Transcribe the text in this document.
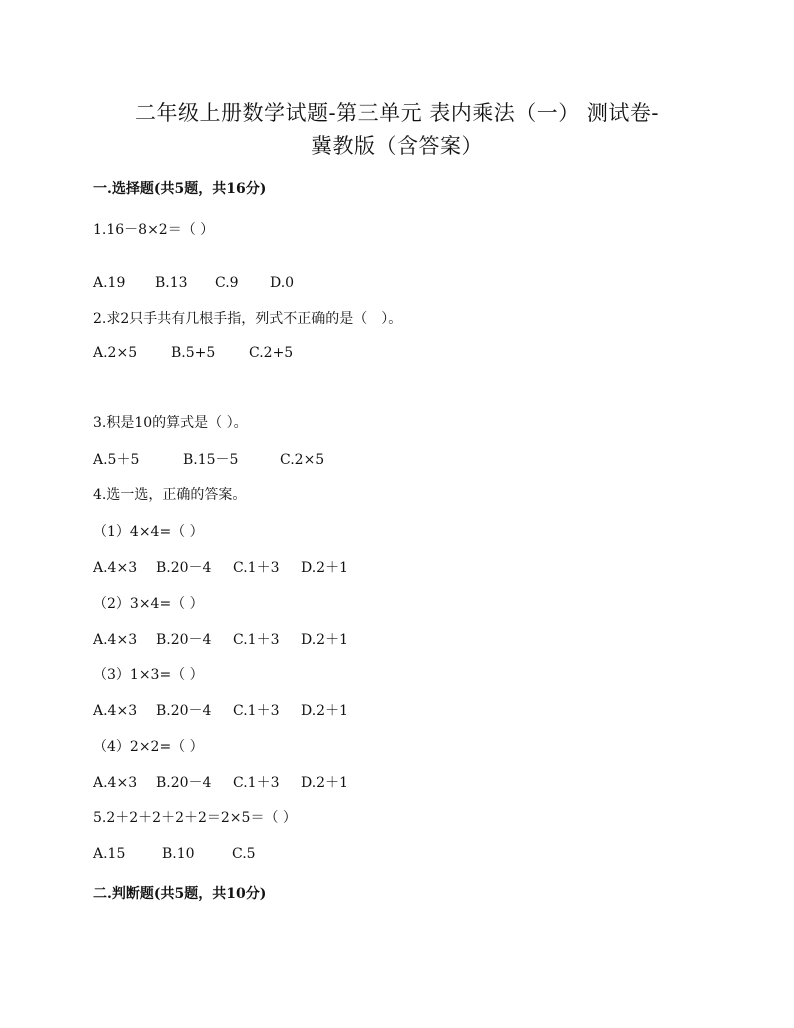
二年级上册数学试题-第三单元 表内乘法（一） 测试卷-
冀教版（含答案）
一.选择题(共5题，共16分)
1.16－8×2＝（ ）
A.19 B.13 C.9 D.0
2.求2只手共有几根手指，列式不正确的是（　）。
A.2×5 B.5+5 C.2+5
3.积是10的算式是（ ）。
A.5＋5	B.15－5	C.2×5
4.选一选，正确的答案。
（1）4×4=（ ）
A.4×3 B.20－4 C.1＋3 D.2＋1
（2）3×4=（ ）
A.4×3 B.20－4 C.1＋3 D.2＋1
（3）1×3=（ ）
A.4×3 B.20－4 C.1＋3 D.2＋1
（4）2×2=（ ）
A.4×3 B.20－4 C.1＋3 D.2＋1
5.2＋2＋2＋2＋2＝2×5＝（ ）
A.15	B.10	C.5
二.判断题(共5题，共10分)
